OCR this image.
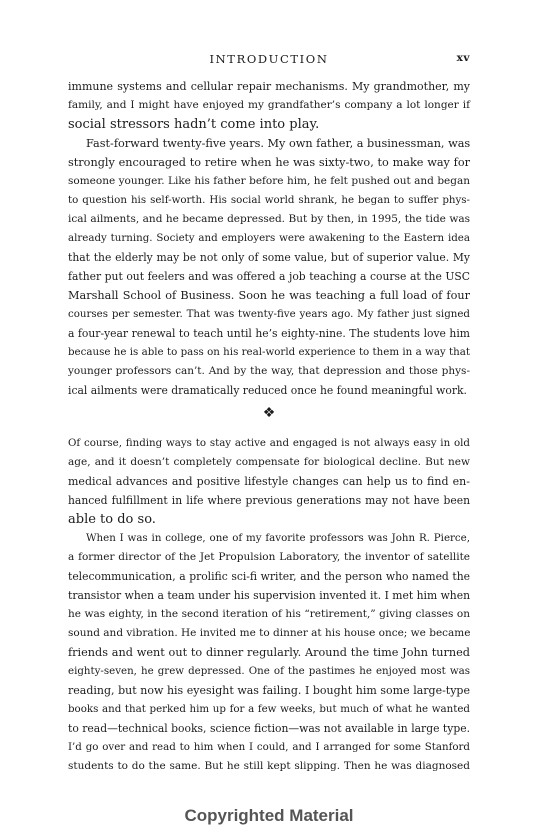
INTRODUCTION	xv
immune systems and cellular repair mechanisms. My grandmother, my
family, and I might have enjoyed my grandfather’s company a lot longer if
social stressors hadn’t come into play.
Fast-forward twenty-five years. My own father, a businessman, was
strongly encouraged to retire when he was sixty-two, to make way for
someone younger. Like his father before him, he felt pushed out and began
to question his self-worth. His social world shrank, he began to suffer phys-
ical ailments, and he became depressed. But by then, in 1995, the tide was
already turning. Society and employers were awakening to the Eastern idea
that the elderly may be not only of some value, but of superior value. My
father put out feelers and was offered a job teaching a course at the USC
Marshall School of Business. Soon he was teaching a full load of four
courses per semester. That was twenty-five years ago. My father just signed
a four-year renewal to teach until he’s eighty-nine. The students love him
because he is able to pass on his real-world experience to them in a way that
younger professors can’t. And by the way, that depression and those phys-
ical ailments were dramatically reduced once he found meaningful work.
❖
Of course, finding ways to stay active and engaged is not always easy in old
age, and it doesn’t completely compensate for biological decline. But new
medical advances and positive lifestyle changes can help us to find en-
hanced fulfillment in life where previous generations may not have been
able to do so.
When I was in college, one of my favorite professors was John R. Pierce,
a former director of the Jet Propulsion Laboratory, the inventor of satellite
telecommunication, a prolific sci-fi writer, and the person who named the
transistor when a team under his supervision invented it. I met him when
he was eighty, in the second iteration of his “retirement,” giving classes on
sound and vibration. He invited me to dinner at his house once; we became
friends and went out to dinner regularly. Around the time John turned
eighty-seven, he grew depressed. One of the pastimes he enjoyed most was
reading, but now his eyesight was failing. I bought him some large-type
books and that perked him up for a few weeks, but much of what he wanted
to read—technical books, science fiction—was not available in large type.
I’d go over and read to him when I could, and I arranged for some Stanford
students to do the same. But he still kept slipping. Then he was diagnosed
Copyrighted Material
